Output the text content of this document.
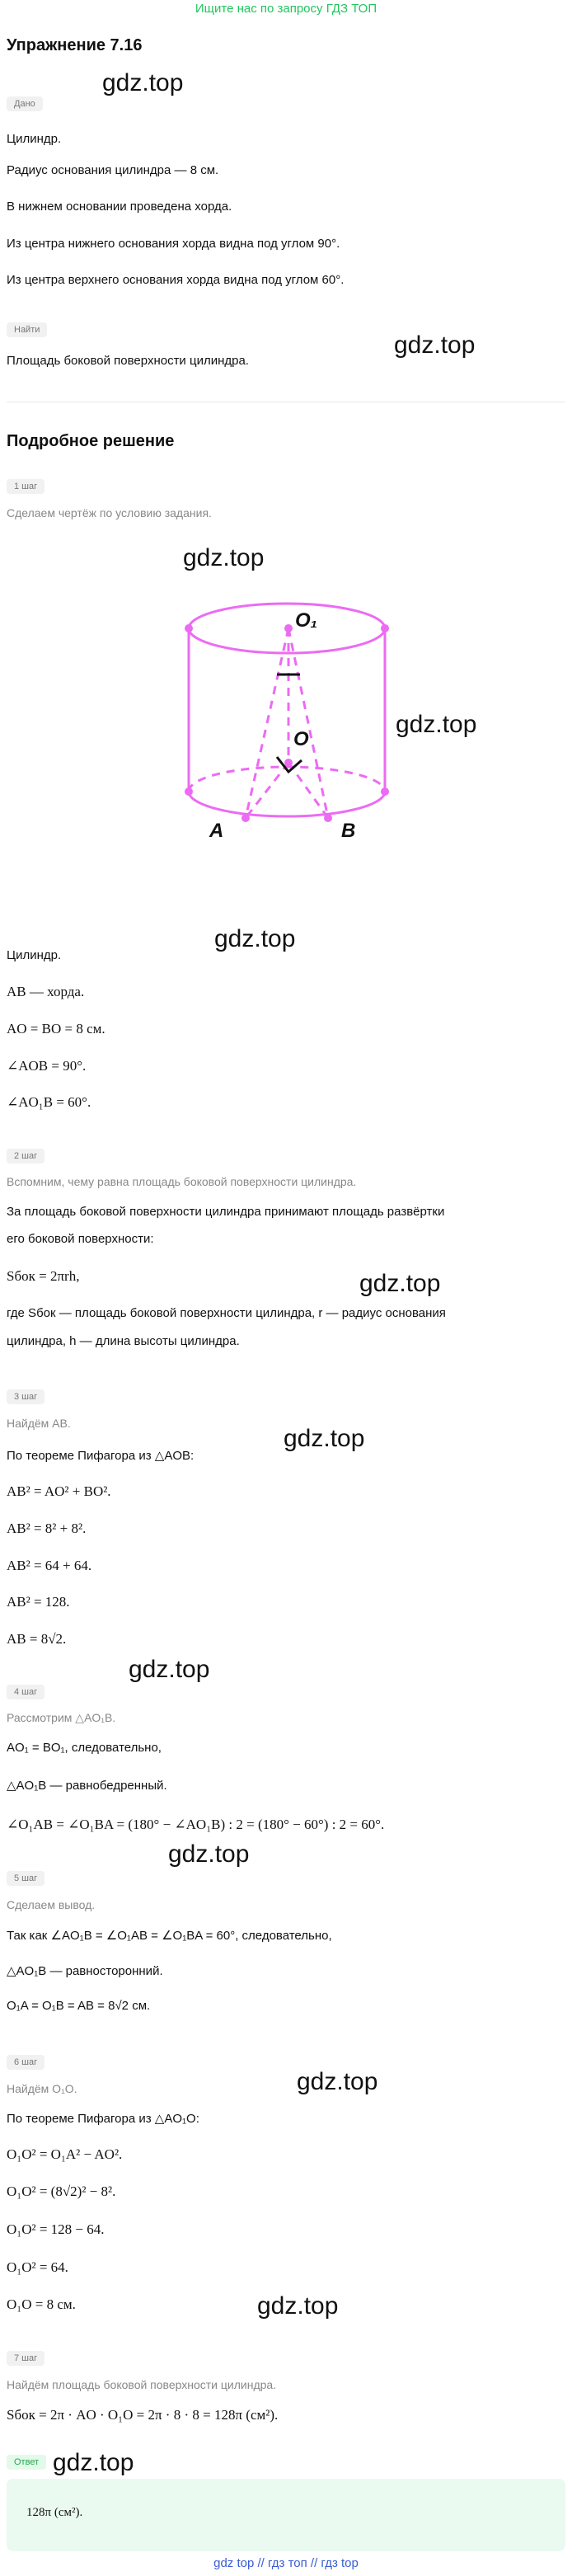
Ищите нас по запросу ГДЗ ТОП
Упражнение 7.16
gdz.top
Дано
Цилиндр.
Радиус основания цилиндра — 8 см.
В нижнем основании проведена хорда.
Из центра нижнего основания хорда видна под углом 90°.
Из центра верхнего основания хорда видна под углом 60°.
Найти
gdz.top
Площадь боковой поверхности цилиндра.
Подробное решение
1 шаг
Сделаем чертёж по условию задания.
gdz.top
O₁
O
A	B
gdz.top
gdz.top
Цилиндр.
AB — хорда.
AO = BO = 8 см.
∠AOB = 90°.
∠AO₁B = 60°.
2 шаг
Вспомним, чему равна площадь боковой поверхности цилиндра.
За площадь боковой поверхности цилиндра принимают площадь развёртки
его боковой поверхности:
Sбок = 2πrh,	gdz.top
где Sбок — площадь боковой поверхности цилиндра, r — радиус основания
цилиндра, h — длина высоты цилиндра.
3 шаг
Найдём AB.
gdz.top
По теореме Пифагора из △AOB:
AB² = AO² + BO².
AB² = 8² + 8².
AB² = 64 + 64.
AB² = 128.
AB = 8√2.
gdz.top
4 шаг
Рассмотрим △AO₁B.
AO₁ = BO₁, следовательно,
△AO₁B — равнобедренный.
∠O₁AB = ∠O₁BA = (180° − ∠AO₁B) : 2 = (180° − 60°) : 2 = 60°.
gdz.top
5 шаг
Сделаем вывод.
Так как ∠AO₁B = ∠O₁AB = ∠O₁BA = 60°, следовательно,
△AO₁B — равносторонний.
O₁A = O₁B = AB = 8√2 см.
6 шаг
gdz.top
Найдём O₁O.
По теореме Пифагора из △AO₁O:
O₁O² = O₁A² − AO².
O₁O² = (8√2)² − 8².
O₁O² = 128 − 64.
O₁O² = 64.
gdz.top
O₁O = 8 см.
7 шаг
Найдём площадь боковой поверхности цилиндра.
Sбок = 2π · AO · O₁O = 2π · 8 · 8 = 128π (см²).
Ответ gdz.top
128π (см²).
gdz top // гдз топ // гдз top
